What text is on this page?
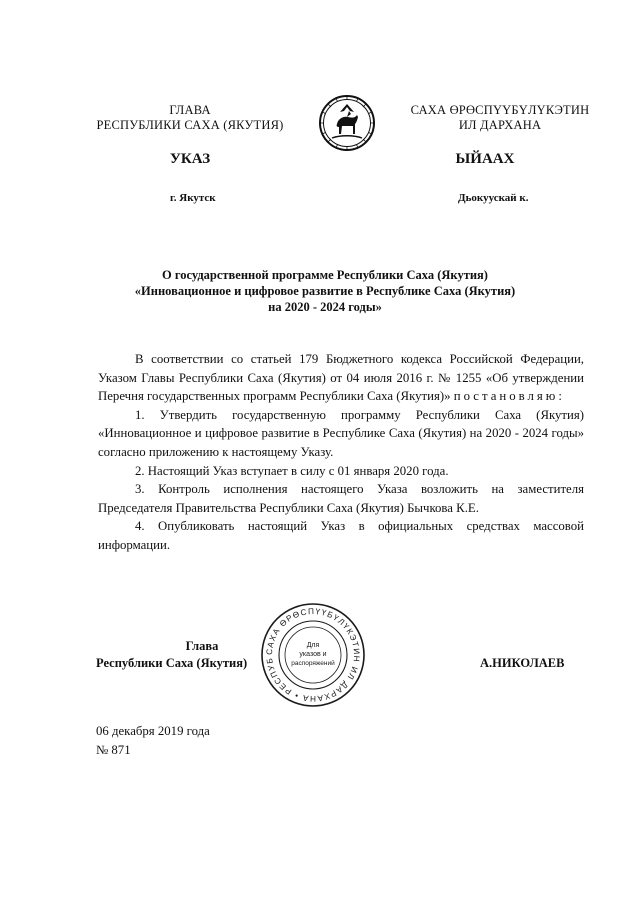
ГЛАВА
РЕСПУБЛИКИ САХА (ЯКУТИЯ)
САХА ӨРӨСПҮҮБҮЛҮКЭТИН
ИЛ ДАРХАНА
УКАЗ	ЫЙААХ
г. Якутск	Дьокуускай к.
О государственной программе Республики Саха (Якутия)
«Инновационное и цифровое развитие в Республике Саха (Якутия)
на 2020 - 2024 годы»

В соответствии со статьей 179 Бюджетного кодекса Российской Федерации, Указом Главы Республики Саха (Якутия) от 04 июля 2016 г. № 1255 «Об утверждении Перечня государственных программ Республики Саха (Якутия)» постановляю:

1. Утвердить государственную программу Республики Саха (Якутия) «Инновационное и цифровое развитие в Республике Саха (Якутия) на 2020 - 2024 годы» согласно приложению к настоящему Указу.

2. Настоящий Указ вступает в силу с 01 января 2020 года.

3. Контроль исполнения настоящего Указа возложить на заместителя Председателя Правительства Республики Саха (Якутия) Бычкова К.Е.

4. Опубликовать настоящий Указ в официальных средствах массовой информации.

САХА ӨРӨСПҮҮБҮЛҮКЭТИН ИЛ ДАРХАНА • РЕСПУБ
Для
указов и
распоряжений
Глава
Республики Саха (Якутия)	А.НИКОЛАЕВ
06 декабря 2019 года
№ 871
